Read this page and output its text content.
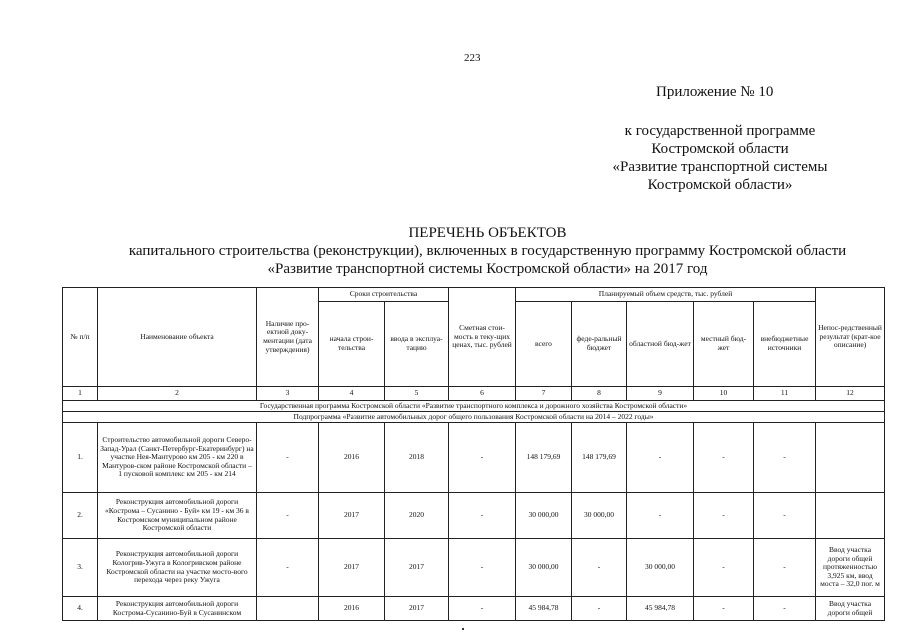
223
Приложение № 10
к государственной программе
Костромской области
«Развитие транспортной системы
Костромской области»
ПЕРЕЧЕНЬ ОБЪЕКТОВ
капитального строительства (реконструкции), включенных в государственную программу Костромской области
«Развитие транспортной системы Костромской области» на 2017 год
№ п/п	Наименование объекта	Наличие про-ектной доку-ментации (дата утверждения)	Сроки строительства		Сметная стои-мость в теку-щих ценах, тыс. рублей	Планируемый объем средств, тыс. рублей					Непос-редственный результат (крат-кое описание)
			начала строи-тельства	ввода в эксплуа-тацию		всего	феде-ральный бюджет	областной бюд-жет	местный бюд-жет	внебюджетные источники	
1	2	3	4	5	6	7	8	9	10	11	12
Государственная программа Костромской области «Развитие транспортного комплекса и дорожного хозяйства Костромской области»											
Подпрограмма «Развитие автомобильных дорог общего пользования Костромской области на 2014 – 2022 годы»											
1.	Строительство автомобильной дороги Северо-Запад-Урал (Санкт-Петербург-Екатеринбург) на участке Нея-Мантурово км 205 - км 220 в Мантуров-ском районе Костромской области – 1 пусковой комплекс км 205 - км 214	-	2016	2018	-	148 179,69	148 179,69	-	-	-	
2.	Реконструкция автомобильной дороги «Кострома – Сусанино - Буй» км 19 - км 36 в Костромском муниципальном районе Костромской области	-	2017	2020	-	30 000,00	30 000,00	-	-	-	
3.	Реконструкция автомобильной дороги Кологрив-Ужуга в Кологривском районе Костромской области на участке мосто-вого перехода через реку Ужуга	-	2017	2017	-	30 000,00	-	30 000,00	-	-	Ввод участка дороги общей протяженностью 3,925 км, ввод моста – 32,0 пог. м
4.	Реконструкция автомобильной дороги Кострома-Сусанино-Буй в Сусанинском		2016	2017	-	45 984,78	-	45 984,78	-	-	Ввод участка дороги общей
